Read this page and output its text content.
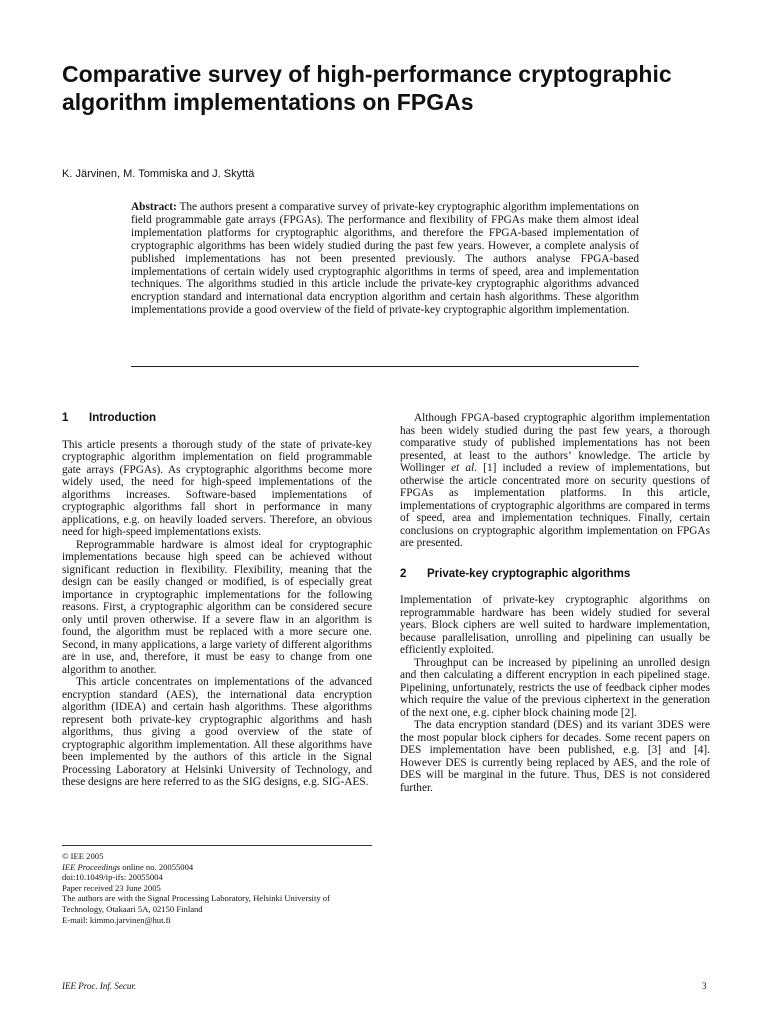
Comparative survey of high-performance cryptographic algorithm implementations on FPGAs
K. Järvinen, M. Tommiska and J. Skyttä

Abstract: The authors present a comparative survey of private-key cryptographic algorithm implementations on field programmable gate arrays (FPGAs). The performance and flexibility of FPGAs make them almost ideal implementation platforms for cryptographic algorithms, and therefore the FPGA-based implementation of cryptographic algorithms has been widely studied during the past few years. However, a complete analysis of published implementations has not been presented previously. The authors analyse FPGA-based implementations of certain widely used cryptographic algorithms in terms of speed, area and implementation techniques. The algorithms studied in this article include the private-key cryptographic algorithms advanced encryption standard and international data encryption algorithm and certain hash algorithms. These algorithm implementations provide a good overview of the field of private-key cryptographic algorithm implementation.

1 Introduction

This article presents a thorough study of the state of private-key cryptographic algorithm implementation on field programmable gate arrays (FPGAs). As cryptographic algorithms become more widely used, the need for high-speed implementations of the algorithms increases. Software-based implementations of cryptographic algorithms fall short in performance in many applications, e.g. on heavily loaded servers. Therefore, an obvious need for high-speed implementations exists.

Reprogrammable hardware is almost ideal for cryptographic implementations because high speed can be achieved without significant reduction in flexibility. Flexibility, meaning that the design can be easily changed or modified, is of especially great importance in cryptographic implementations for the following reasons. First, a cryptographic algorithm can be considered secure only until proven otherwise. If a severe flaw in an algorithm is found, the algorithm must be replaced with a more secure one. Second, in many applications, a large variety of different algorithms are in use, and, therefore, it must be easy to change from one algorithm to another.

This article concentrates on implementations of the advanced encryption standard (AES), the international data encryption algorithm (IDEA) and certain hash algorithms. These algorithms represent both private-key cryptographic algorithms and hash algorithms, thus giving a good overview of the state of cryptographic algorithm implementation. All these algorithms have been implemented by the authors of this article in the Signal Processing Laboratory at Helsinki University of Technology, and these designs are here referred to as the SIG designs, e.g. SIG-AES.

Although FPGA-based cryptographic algorithm implementation has been widely studied during the past few years, a thorough comparative study of published implementations has not been presented, at least to the authors’ knowledge. The article by Wollinger et al. [1] included a review of implementations, but otherwise the article concentrated more on security questions of FPGAs as implementation platforms. In this article, implementations of cryptographic algorithms are compared in terms of speed, area and implementation techniques. Finally, certain conclusions on cryptographic algorithm implementation on FPGAs are presented.

2 Private-key cryptographic algorithms

Implementation of private-key cryptographic algorithms on reprogrammable hardware has been widely studied for several years. Block ciphers are well suited to hardware implementation, because parallelisation, unrolling and pipelining can usually be efficiently exploited.

Throughput can be increased by pipelining an unrolled design and then calculating a different encryption in each pipelined stage. Pipelining, unfortunately, restricts the use of feedback cipher modes which require the value of the previous ciphertext in the generation of the next one, e.g. cipher block chaining mode [2].

The data encryption standard (DES) and its variant 3DES were the most popular block ciphers for decades. Some recent papers on DES implementation have been published, e.g. [3] and [4]. However DES is currently being replaced by AES, and the role of DES will be marginal in the future. Thus, DES is not considered further.

© IEE 2005
IEE Proceedings online no. 20055004
doi:10.1049/ip-ifs: 20055004
Paper received 23 June 2005
The authors are with the Signal Processing Laboratory, Helsinki University of Technology, Otakaari 5A, 02150 Finland
E-mail: kimmo.jarvinen@hut.fi
IEE Proc. Inf. Secur.	3
